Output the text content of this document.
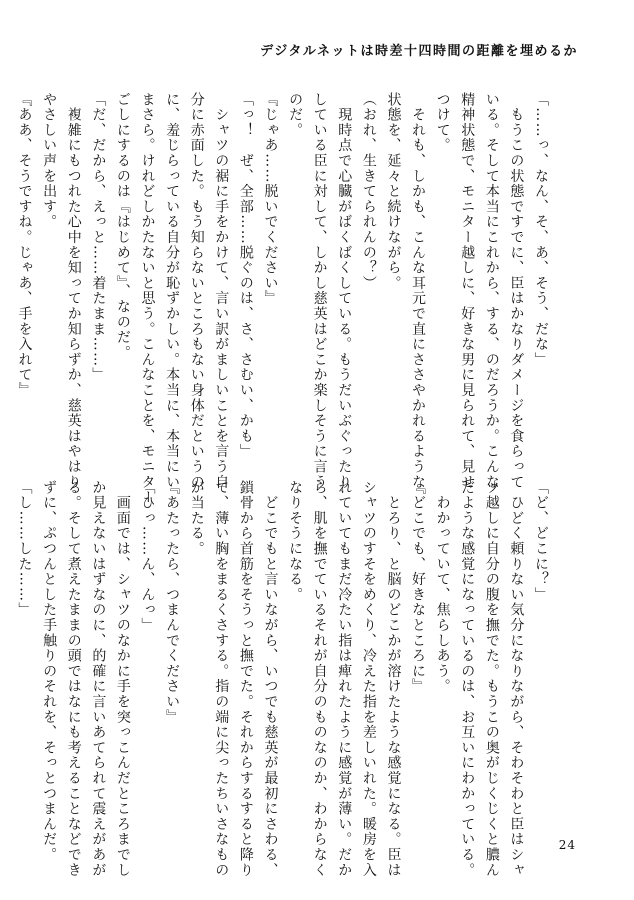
デジタルネットは時差十四時間の距離を埋めるか

「……っ、なん、そ、あ、そう、だな」

　もうこの状態ですでに、臣はかなりダメージを食らって

いる。そして本当にこれから、する、のだろうか。こんな

精神状態で、モニター越しに、好きな男に見られて、見せ

つけて。

　それも、しかも、こんな耳元で直にささやかれるような

状態を、延々と続けながら。

（おれ、生きてられんの？）

　現時点で心臓がばくばくしている。もうだいぶぐったり

している臣に対して、しかし慈英はどこか楽しそうに言う

のだ。

『じゃあ……脱いでください』

「っ！　ぜ、全部……脱ぐのは、さ、さむい、かも」

　シャツの裾に手をかけて、言い訳がましいことを言う自

分に赤面した。もう知らないところもない身体だというの

に、羞じらっている自分が恥ずかしい。本当に、本当にい

まさら。けれどしかたないと思う。こんなことを、モニター

ごしにするのは『はじめて』、なのだ。

「だ、だから、えっと……着たまま……」

　複雑にもつれた心中を知ってか知らずか、慈英はやはり

やさしい声を出す。

『ああ、そうですね。じゃあ、手を入れて』

「ど、どこに？」

　ひどく頼りない気分になりながら、そわそわと臣はシャ

ツ越しに自分の腹を撫でた。もうこの奥がじくじくと膿ん

だような感覚になっているのは、お互いにわかっている。

　わかっていて、焦らしあう。

『どこでも、好きなところに』

　とろり、と脳のどこかが溶けたような感覚になる。臣は

シャツのすそをめくり、冷えた指を差しいれた。暖房を入

れていてもまだ冷たい指は痺れたように感覚が薄い。だか

ら、肌を撫でているそれが自分のものなのか、わからなく

なりそうになる。

　どこでもと言いながら、いつでも慈英が最初にさわる、

鎖骨から首筋をそうっと撫でた。それからするすると降り

て、薄い胸をまるくさする。指の端に尖ったちいさなもの

が当たる。

『あたったら、つまんでください』

「ひっ……ん、んっ」

　画面では、シャツのなかに手を突っこんだところまでし

か見えないはずなのに、的確に言いあてられて震えがあが

る。そして煮えたままの頭ではなにも考えることなどでき

ずに、ぷつんとした手触りのそれを、そっとつまんだ。

「し……した……」

24
